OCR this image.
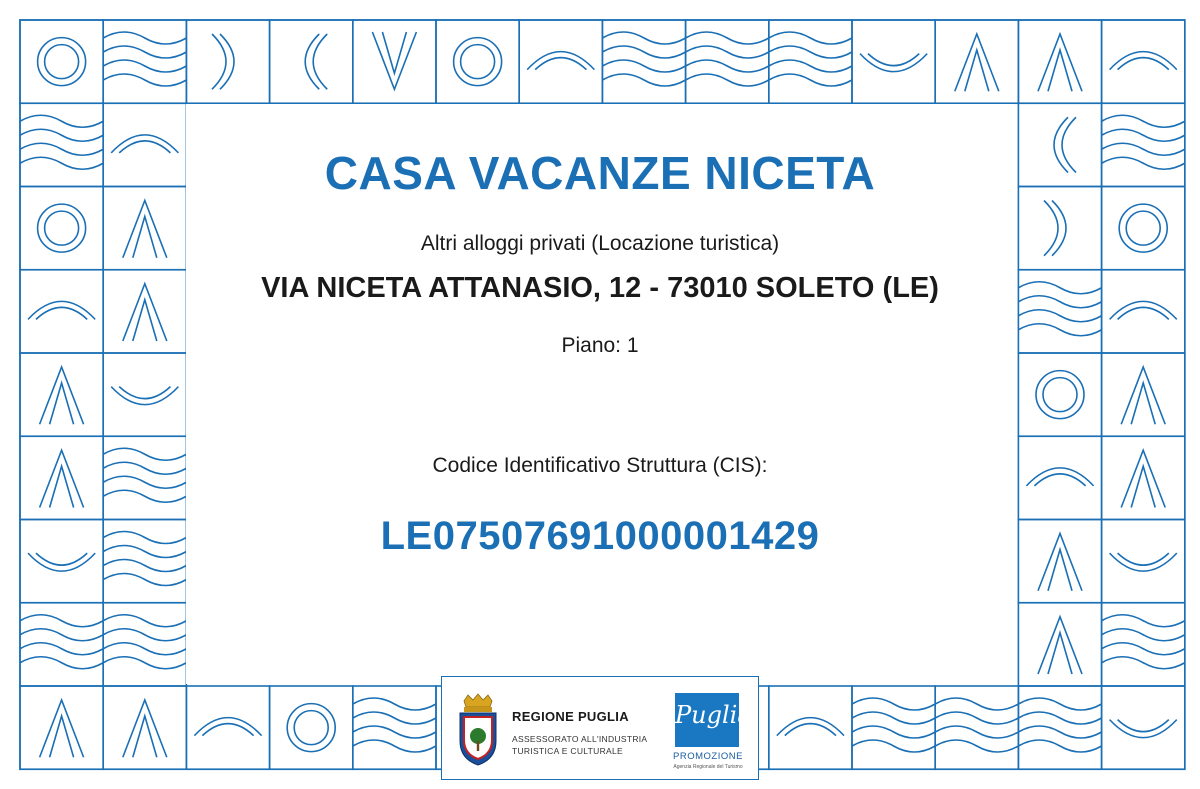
CASA VACANZE NICETA
Altri alloggi privati (Locazione turistica)
VIA NICETA ATTANASIO, 12 - 73010 SOLETO (LE)
Piano: 1
Codice Identificativo Struttura (CIS):
LE07507691000001429
REGIONE PUGLIA
ASSESSORATO ALL'INDUSTRIA
TURISTICA E CULTURALE
Puglia
PROMOZIONE
Agenzia Regionale del Turismo
